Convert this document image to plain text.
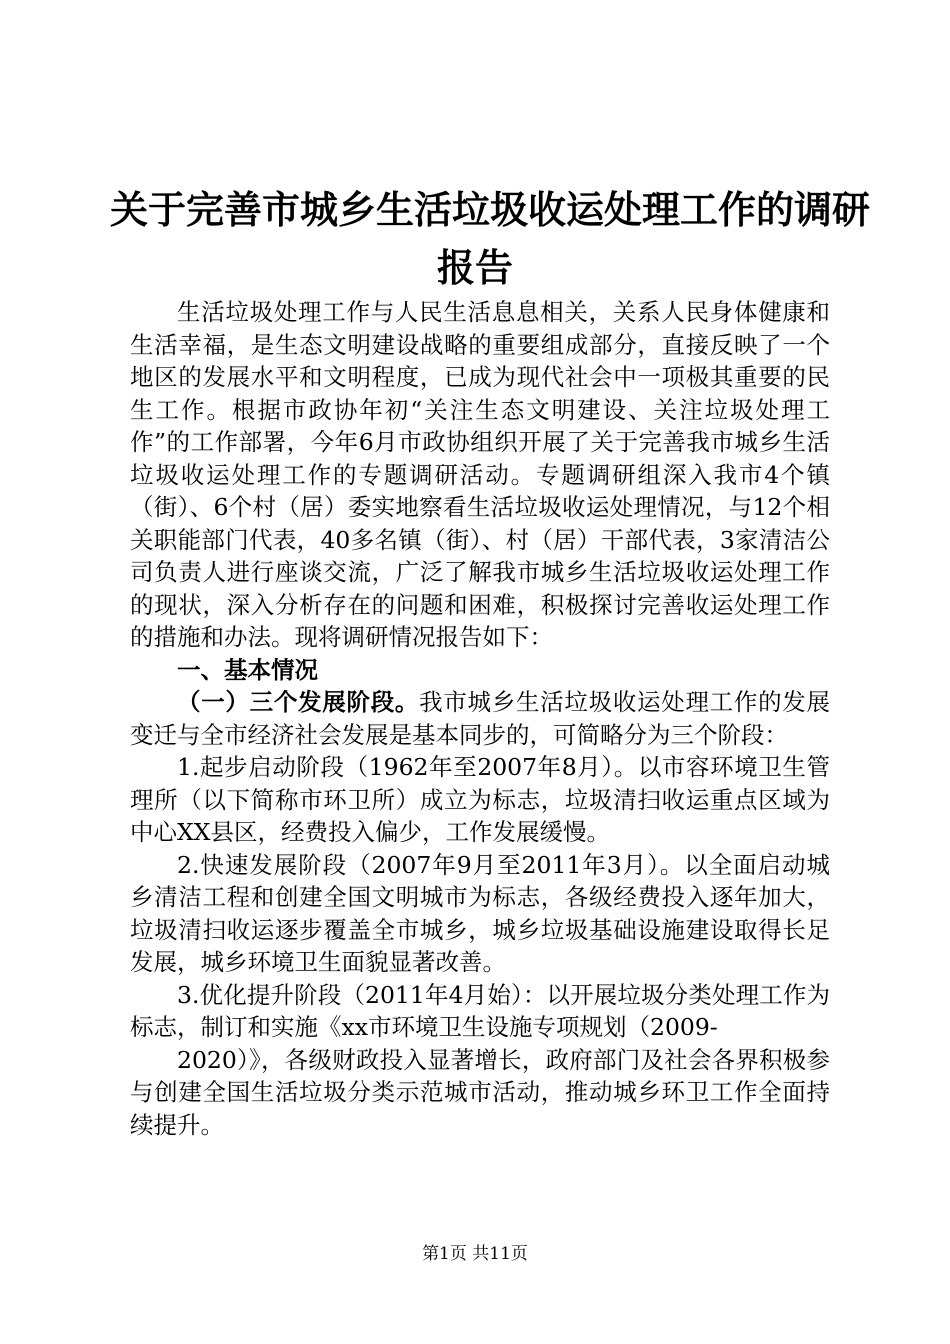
关于完善市城乡生活垃圾收运处理工作的调研
报告

生活垃圾处理工作与人民生活息息相关，关系人民身体健康和生活幸福，是生态文明建设战略的重要组成部分，直接反映了一个地区的发展水平和文明程度，已成为现代社会中一项极其重要的民生工作。根据市政协年初“关注生态文明建设、关注垃圾处理工作”的工作部署，今年6月市政协组织开展了关于完善我市城乡生活垃圾收运处理工作的专题调研活动。专题调研组深入我市4个镇（街）、6个村（居）委实地察看生活垃圾收运处理情况，与12个相关职能部门代表，40多名镇（街）、村（居）干部代表，3家清洁公司负责人进行座谈交流，广泛了解我市城乡生活垃圾收运处理工作的现状，深入分析存在的问题和困难，积极探讨完善收运处理工作的措施和办法。现将调研情况报告如下：

一、基本情况

（一）三个发展阶段。我市城乡生活垃圾收运处理工作的发展变迁与全市经济社会发展是基本同步的，可简略分为三个阶段：

1.起步启动阶段（1962年至2007年8月）。以市容环境卫生管理所（以下简称市环卫所）成立为标志，垃圾清扫收运重点区域为中心XX县区，经费投入偏少，工作发展缓慢。

2.快速发展阶段（2007年9月至2011年3月）。以全面启动城乡清洁工程和创建全国文明城市为标志，各级经费投入逐年加大，垃圾清扫收运逐步覆盖全市城乡，城乡垃圾基础设施建设取得长足发展，城乡环境卫生面貌显著改善。

3.优化提升阶段（2011年4月始）：以开展垃圾分类处理工作为标志，制订和实施《xx市环境卫生设施专项规划（2009-

2020）》，各级财政投入显著增长，政府部门及社会各界积极参与创建全国生活垃圾分类示范城市活动，推动城乡环卫工作全面持续提升。

第1页 共11页
